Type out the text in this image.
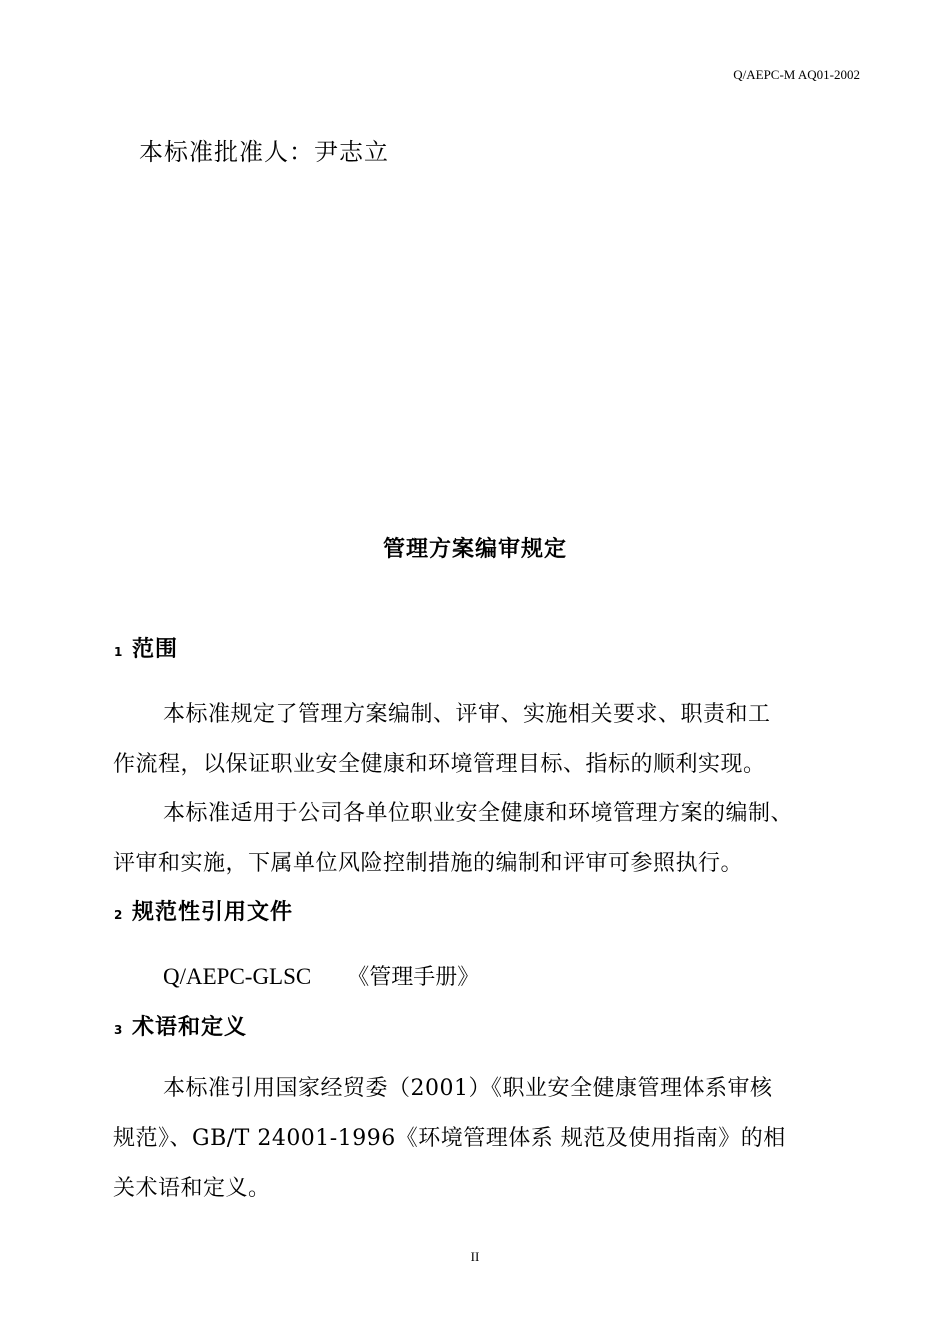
Q/AEPC-M AQ01-2002
本标准批准人：尹志立
管理方案编审规定
1 范围
本标准规定了管理方案编制、评审、实施相关要求、职责和工
作流程，以保证职业安全健康和环境管理目标、指标的顺利实现。
本标准适用于公司各单位职业安全健康和环境管理方案的编制、
评审和实施，下属单位风险控制措施的编制和评审可参照执行。
2 规范性引用文件
Q/AEPC-GLSC 《管理手册》
3 术语和定义
本标准引用国家经贸委（2001）《职业安全健康管理体系审核
规范》、GB/T 24001-1996《环境管理体系 规范及使用指南》的相
关术语和定义。
II
